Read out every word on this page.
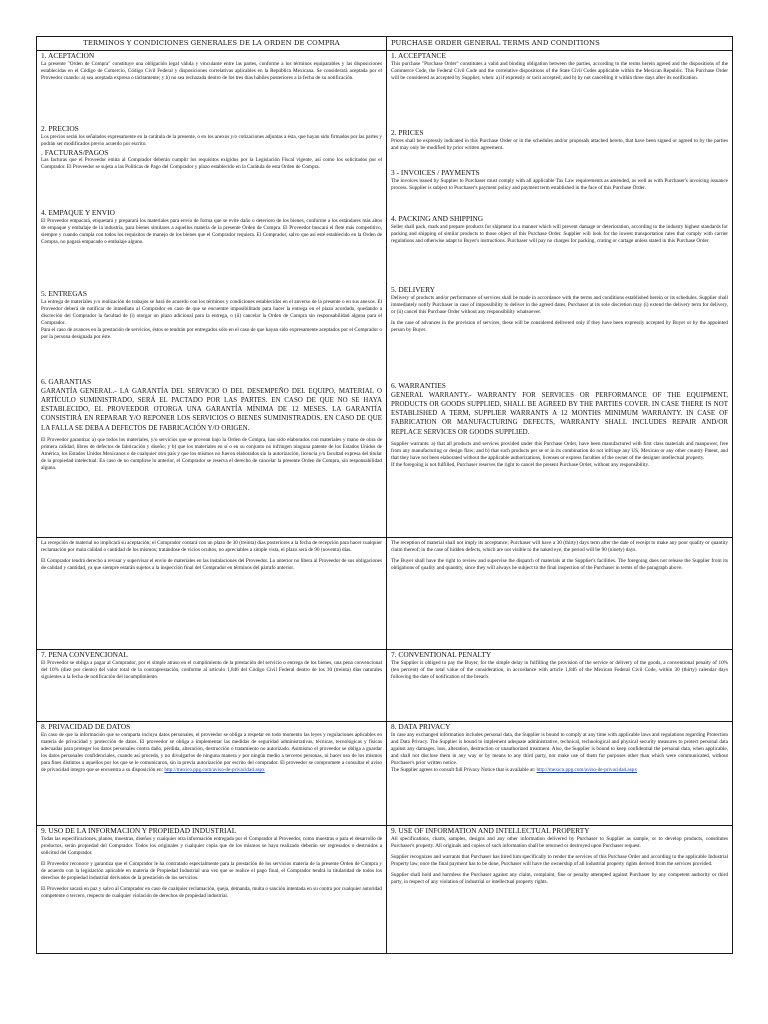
TERMINOS Y CONDICIONES GENERALES DE LA ORDEN DE COMPRA
1. ACEPTACION

La presente "Orden de Compra" constituye una obligación legal válida y vinculante entre las partes, conforme a los términos equiparables y las disposiciones establecidas en el Código de Comercio, Código Civil Federal y disposiciones correlativas aplicables en la República Mexicana. Se considerará aceptada por el Proveedor cuando: a) sea aceptada expresa o tácitamente; y b) no sea rechazada dentro de los tres días hábiles posteriores a la fecha de su notificación.

2. PRECIOS

Los precios serán los señalados expresamente en la carátula de la presente, o en los anexos y/o cotizaciones adjuntas a ésta, que hayan sido firmados por las partes y podrán ser modificados previo acuerdo por escrito.

. FACTURAS/PAGOS

Las facturas que el Proveedor emita al Comprador deberán cumplir los requisitos exigidos por la Legislación Fiscal vigente, así como los solicitados por el Comprador. El Proveedor se sujeta a las Políticas de Pago del Comprador y plazo establecido en la Carátula de esta Orden de Compra.

4. EMPAQUE Y ENVIO

El Proveedor empacará, etiquetará y preparará los materiales para envío de forma que se evite daño o deterioro de los bienes, conforme a los estándares más altos de empaque y embalaje de la industria, para bienes similares a aquellos materia de la presente Orden de Compra. El Proveedor buscará el flete más competitivo, siempre y cuando cumpla con todos los requisitos de manejo de los bienes que el Comprador requiera. El Comprador, salvo que así esté establecido en la Orden de Compra, no pagará empacado o embalaje alguno.

5. ENTREGAS

La entrega de materiales y/o realización de trabajos se hará de acuerdo con los términos y condiciones establecidos en el anverso de la presente o en sus anexos. El Proveedor deberá de notificar de inmediato al Comprador en caso de que se encuentre imposibilitado para hacer la entrega en el plazo acordado, quedando a discreción del Comprador la facultad de (i) otorgar un plazo adicional para la entrega, o (ii) cancelar la Orden de Compra sin responsabilidad alguna para el Comprador.

Para el caso de avances en la prestación de servicios, éstos se tendrán por entregados sólo en el caso de que hayan sido expresamente aceptados por el Comprador o por la persona designada por éste.

6. GARANTIAS

GARANTÍA GENERAL.- LA GARANTÍA DEL SERVICIO O DEL DESEMPEÑO DEL EQUIPO, MATERIAL O ARTÍCULO SUMINISTRADO, SERÁ EL PACTADO POR LAS PARTES. EN CASO DE QUE NO SE HAYA ESTABLECIDO, EL PROVEEDOR OTORGA UNA GARANTÍA MÍNIMA DE 12 MESES. LA GARANTÍA CONSISTIRÁ EN REPARAR Y/O REPONER LOS SERVICIOS O BIENES SUMINISTRADOS, EN CASO DE QUE LA FALLA SE DEBA A DEFECTOS DE FABRICACIÓN Y/O ORIGEN.

El Proveedor garantiza: a) que todos los materiales, y/o servicios que se provean bajo la Orden de Compra, han sido elaborados con materiales y mano de obra de primera calidad, libres de defectos de fabricación y diseño; y b) que los materiales en sí o en su conjunto no infringen ninguna patente de los Estados Unidos de América, los Estados Unidos Mexicanos o de cualquier otro país y que los mismos no fueron elaborados sin la autorización, licencia y/o facultad expresa del titular de la propiedad intelectual. En caso de no cumplirse lo anterior, el Comprador se reserva el derecho de cancelar la presente Orden de Compra, sin responsabilidad alguna.

La recepción de material no implicará su aceptación; el Comprador contará con un plazo de 30 (treinta) días posteriores a la fecha de recepción para hacer cualquier reclamación por mala calidad o cantidad de los mismos; tratándose de vicios ocultos, no apreciables a simple vista, el plazo será de 90 (noventa) días.

El Comprador tendrá derecho a revisar y supervisar el envío de materiales en las instalaciones del Proveedor. Lo anterior no libera al Proveedor de sus obligaciones de calidad y cantidad, ya que siempre estarán sujetos a la inspección final del Comprador en términos del párrafo anterior.

7. PENA CONVENCIONAL

El Proveedor se obliga a pagar al Comprador, por el simple atraso en el cumplimiento de la prestación del servicio o entrega de los bienes, una pena convencional del 10% (diez por ciento) del valor total de la contraprestación, conforme al artículo 1,846 del Código Civil Federal dentro de los 30 (treinta) días naturales siguientes a la fecha de notificación del incumplimiento.

8. PRIVACIDAD DE DATOS

En caso de que la información que se comparta incluya datos personales, el proveedor se obliga a respetar en todo momento las leyes y regulaciones aplicables en materia de privacidad y protección de datos. El proveedor se obliga a implementar las medidas de seguridad administrativas, técnicas, tecnológicas y físicas adecuadas para proteger los datos personales contra daño, pérdida, alteración, destrucción o tratamiento no autorizado. Asimismo el proveedor se obliga a guardar los datos personales confidenciales, cuando así proceda, y no divulgarlos de ninguna manera y por ningún medio a terceros personas, ni hacer uso de los mismos para fines distintos a aquellos por los que se le comunicaron, sin la previa autorización por escrito del comprador. El proveedor se compromete a consultar el aviso de privacidad integro que se encuentra a su disposición en: http://mexico.ppg.com/aviso-de-privacidad.aspx

9. USO DE LA INFORMACION Y PROPIEDAD INDUSTRIAL

Todas las especificaciones, planos, muestras, diseños y cualquier otra información entregada por el Comprador al Proveedor, como muestras o para el desarrollo de productos, serán propiedad del Comprador. Todos los originales y cualquier copia que de los mismos se haya realizado deberán ser regresados o destruidos a solicitud del Comprador.

El Proveedor reconoce y garantiza que el Comprador le ha contratado especialmente para la prestación de los servicios materia de la presente Orden de Compra y de acuerdo con la legislación aplicable en materia de Propiedad Industrial una vez que se realice el pago final, el Comprador tendrá la titularidad de todos los derechos de propiedad industrial derivados de la prestación de los servicios.

El Proveedor sacará en paz y salvo al Comprador en caso de cualquier reclamación, queja, demanda, multa o sanción intentada en su contra por cualquier autoridad competente o tercero, respecto de cualquier violación de derechos de propiedad industrial.

PURCHASE ORDER GENERAL TERMS AND CONDITIONS
1. ACCEPTANCE

This purchase "Purchase Order" constitutes a valid and binding obligation between the parties, according to the terms herein agreed and the dispositions of the Commerce Code, the Federal Civil Code and the correlative dispositions of the State Civil Codes applicable within the Mexican Republic. This Purchase Order will be considered as accepted by Supplier, when: a) if expressly or tacit accepted; and b) by not cancelling it within three days after its notification.

2. PRICES

Prices shall be expressly indicated in this Purchase Order or in the schedules and/or proposals attached hereto, that have been signed or agreed to by the parties and may only be modified by prior written agreement.

3 - INVOICES / PAYMENTS

The invoices issued by Supplier to Purchaser must comply with all applicable Tax Law requirements as amended, as well as with Purchaser's invoicing issuance process. Supplier is subject to Purchaser's payment policy and payment term established in the face of this Purchase Order.

4. PACKING AND SHIPPING

Seller shall pack, mark and prepare products for shipment in a manner which will prevent damage or deterioration, according to the industry highest standards for packing and shipping of similar products to those object of this Purchase Order. Supplier will look for the lowest transportation rates that comply with carrier regulations and otherwise adapt to Buyer's instructions. Purchaser will pay no charges for packing, crating or cartage unless stated in this Purchase Order.

5. DELIVERY

Delivery of products and/or performance of services shall be made in accordance with the terms and conditions established herein or its schedules. Supplier shall immediately notify Purchaser in case of impossibility to deliver in the agreed dates, Purchaser at its sole discretion may (i) extend the delivery term for delivery, or (ii) cancel this Purchase Order without any responsibility whatsoever.

In the case of advances in the provision of services, these will be considered delivered only if they have been expressly accepted by Buyer or by the appointed person by Buyer.

6. WARRANTIES

GENERAL WARRANTY.- WARRANTY FOR SERVICES OR PERFORMANCE OF THE EQUIPMENT, PRODUCTS OR GOODS SUPPLIED, SHALL BE AGREED BY THE PARTIES COVER. IN CASE THERE IS NOT ESTABLISHED A TERM, SUPPLIER WARRANTS A 12 MONTHS MINIMUM WARRANTY. IN CASE OF FABRICATION OR MANUFACTURING DEFECTS, WARRANTY SHALL INCLUDES REPAIR AND/OR REPLACE SERVICES OR GOODS SUPPLIED.

Supplier warrants: a) that all products and services provided under this Purchase Order, have been manufactured with first class materials and manpower, free from any manufacturing or design flaw; and b) that such products per se or in its combination do not infringe any US, Mexican or any other country Patent, and that they have not been elaborated without the applicable authorizations, licenses or express faculties of the owner of the designer intellectual property.

If the foregoing is not fulfilled, Purchaser reserves the right to cancel the present Purchase Order, without any responsibility.

The reception of material shall not imply its acceptance; Purchaser will have a 30 (thirty) days term after the date of receipt to make any poor quality or quantity claim thereof; in the case of hidden defects, which are not visible to the naked eye, the period will be 90 (ninety) days.

The Buyer shall have the right to review and supervise the dispatch of materials at the Supplier's facilities. The foregoing does not release the Supplier from its obligations of quality and quantity, since they will always be subject to the final inspection of the Purchaser in terms of the paragraph above.

7. CONVENTIONAL PENALTY

The Supplier is obliged to pay the Buyer, for the simple delay in fulfilling the provision of the service or delivery of the goods, a conventional penalty of 10% (ten percent) of the total value of the consideration, in accordance with article 1,846 of the Mexican Federal Civil Code, within 30 (thirty) calendar days following the date of notification of the breach.

8. DATA PRIVACY

In case any exchanged information includes personal data, the Supplier is bound to comply at any time with applicable laws and regulations regarding Protection and Data Privacy. The Supplier is bound to implement adequate administrative, technical, technological and physical security measures to protect personal data against any damages, loss, alteration, destruction or unauthorized treatment. Also, the Supplier is bound to keep confidential the personal data, when applicable, and shall not disclose them in any way or by means to any third party, nor make use of them for purposes other than which were communicated, without Purchaser's prior written notice.

The Supplier agrees to consult full Privacy Notice that is available at: http://mexico.ppg.com/aviso-de-privacidad.aspx

9. USE OF INFORMATION AND INTELLECTUAL PROPERTY

All specifications, charts, samples, designs and any other information delivered by Purchaser to Supplier as sample, or to develop products, constitutes Purchaser's property. All originals and copies of such information shall be returned or destroyed upon Purchaser request.

Supplier recognizes and warrants that Purchaser has hired him specifically to render the services of this Purchase Order and according to the applicable Industrial Property law, once the final payment has to be done, Purchaser will have the ownership of all industrial property rights derived from the services provided.

Supplier shall hold and harmless the Purchaser against any claim, complaint, fine or penalty attempted against Purchaser by any competent authority or third party, in respect of any violation of industrial or intellectual property rights.
